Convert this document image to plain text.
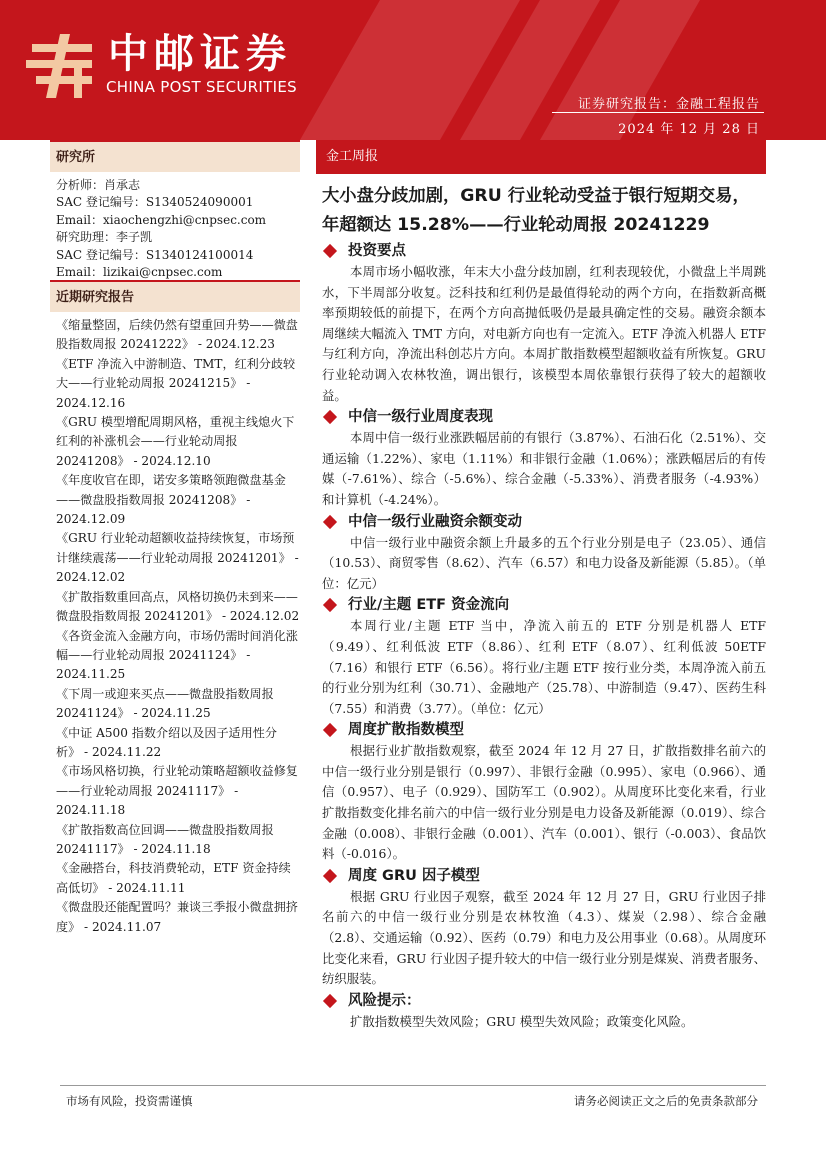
中邮证券
CHINA POST SECURITIES
证券研究报告：金融工程报告
2024 年 12 月 28 日
研究所
分析师：肖承志
SAC 登记编号：S1340524090001
Email：xiaochengzhi@cnpsec.com
研究助理：李子凯
SAC 登记编号：S1340124100014
Email：lizikai@cnpsec.com
近期研究报告
《缩量整固，后续仍然有望重回升势——微盘股指数周报 20241222》 - 2024.12.23
《ETF 净流入中游制造、TMT，红利分歧较大——行业轮动周报 20241215》 - 2024.12.16
《GRU 模型增配周期风格，重视主线熄火下红利的补涨机会——行业轮动周报 20241208》 - 2024.12.10
《年度收官在即，诺安多策略领跑微盘基金——微盘股指数周报 20241208》 - 2024.12.09
《GRU 行业轮动超额收益持续恢复，市场预计继续震荡——行业轮动周报 20241201》 - 2024.12.02
《扩散指数重回高点，风格切换仍未到来——微盘股指数周报 20241201》 - 2024.12.02
《各资金流入金融方向，市场仍需时间消化涨幅——行业轮动周报 20241124》 - 2024.11.25
《下周一或迎来买点——微盘股指数周报 20241124》 - 2024.11.25
《中证 A500 指数介绍以及因子适用性分析》 - 2024.11.22
《市场风格切换，行业轮动策略超额收益修复——行业轮动周报 20241117》 - 2024.11.18
《扩散指数高位回调——微盘股指数周报 20241117》 - 2024.11.18
《金融搭台，科技消费轮动，ETF 资金持续高低切》 - 2024.11.11
《微盘股还能配置吗？兼谈三季报小微盘拥挤度》 - 2024.11.07
金工周报
大小盘分歧加剧，GRU 行业轮动受益于银行短期交易，年超额达 15.28%——行业轮动周报 20241229
投资要点

本周市场小幅收涨，年末大小盘分歧加剧，红利表现较优，小微盘上半周跳水，下半周部分收复。泛科技和红利仍是最值得轮动的两个方向，在指数新高概率预期较低的前提下，在两个方向高抛低吸仍是最具确定性的交易。融资余额本周继续大幅流入 TMT 方向，对电新方向也有一定流入。ETF 净流入机器人 ETF 与红利方向，净流出科创芯片方向。本周扩散指数模型超额收益有所恢复。GRU 行业轮动调入农林牧渔，调出银行，该模型本周依靠银行获得了较大的超额收益。

中信一级行业周度表现

本周中信一级行业涨跌幅居前的有银行（3.87%）、石油石化（2.51%）、交通运输（1.22%）、家电（1.11%）和非银行金融（1.06%）；涨跌幅居后的有传媒（-7.61%）、综合（-5.6%）、综合金融（-5.33%）、消费者服务（-4.93%）和计算机（-4.24%）。

中信一级行业融资余额变动

中信一级行业中融资余额上升最多的五个行业分别是电子（23.05）、通信（10.53）、商贸零售（8.62）、汽车（6.57）和电力设备及新能源（5.85）。（单位：亿元）

行业/主题 ETF 资金流向

本周行业/主题 ETF 当中，净流入前五的 ETF 分别是机器人 ETF（9.49）、红利低波 ETF（8.86）、红利 ETF（8.07）、红利低波 50ETF（7.16）和银行 ETF（6.56）。将行业/主题 ETF 按行业分类，本周净流入前五的行业分别为红利（30.71）、金融地产（25.78）、中游制造（9.47）、医药生科（7.55）和消费（3.77）。（单位：亿元）

周度扩散指数模型

根据行业扩散指数观察，截至 2024 年 12 月 27 日，扩散指数排名前六的中信一级行业分别是银行（0.997）、非银行金融（0.995）、家电（0.966）、通信（0.957）、电子（0.929）、国防军工（0.902）。从周度环比变化来看，行业扩散指数变化排名前六的中信一级行业分别是电力设备及新能源（0.019）、综合金融（0.008）、非银行金融（0.001）、汽车（0.001）、银行（-0.003）、食品饮料（-0.016）。

周度 GRU 因子模型

根据 GRU 行业因子观察，截至 2024 年 12 月 27 日，GRU 行业因子排名前六的中信一级行业分别是农林牧渔（4.3）、煤炭（2.98）、综合金融（2.8）、交通运输（0.92）、医药（0.79）和电力及公用事业（0.68）。从周度环比变化来看，GRU 行业因子提升较大的中信一级行业分别是煤炭、消费者服务、纺织服装。

风险提示：

扩散指数模型失效风险；GRU 模型失效风险；政策变化风险。

市场有风险，投资需谨慎	请务必阅读正文之后的免责条款部分
